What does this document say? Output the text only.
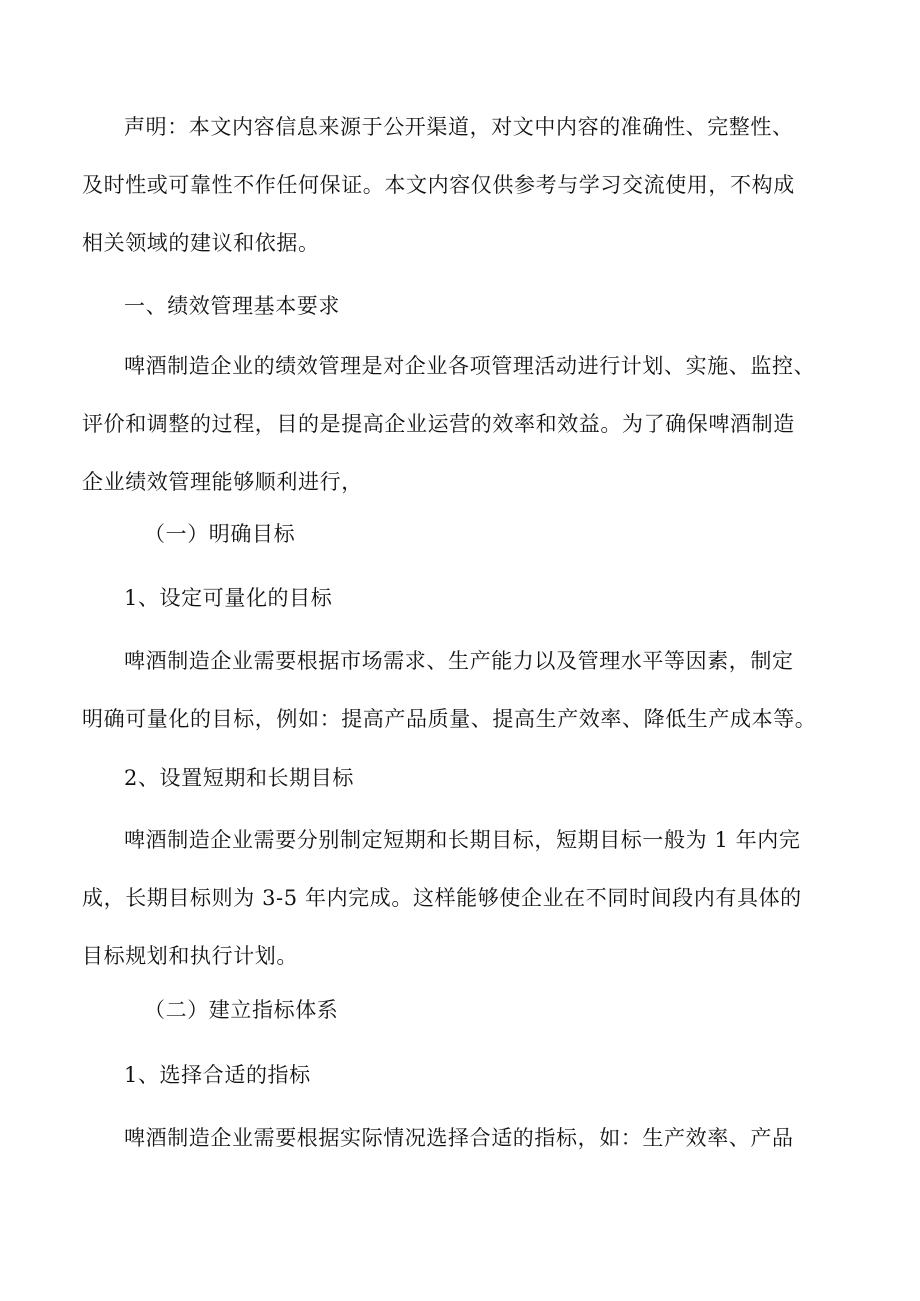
声明：本文内容信息来源于公开渠道，对文中内容的准确性、完整性、
及时性或可靠性不作任何保证。本文内容仅供参考与学习交流使用，不构成
相关领域的建议和依据。
一、绩效管理基本要求
啤酒制造企业的绩效管理是对企业各项管理活动进行计划、实施、监控、
评价和调整的过程，目的是提高企业运营的效率和效益。为了确保啤酒制造
企业绩效管理能够顺利进行，
（一）明确目标
1、设定可量化的目标
啤酒制造企业需要根据市场需求、生产能力以及管理水平等因素，制定
明确可量化的目标，例如：提高产品质量、提高生产效率、降低生产成本等。
2、设置短期和长期目标
啤酒制造企业需要分别制定短期和长期目标，短期目标一般为 1 年内完
成，长期目标则为 3-5 年内完成。这样能够使企业在不同时间段内有具体的
目标规划和执行计划。
（二）建立指标体系
1、选择合适的指标
啤酒制造企业需要根据实际情况选择合适的指标，如：生产效率、产品
